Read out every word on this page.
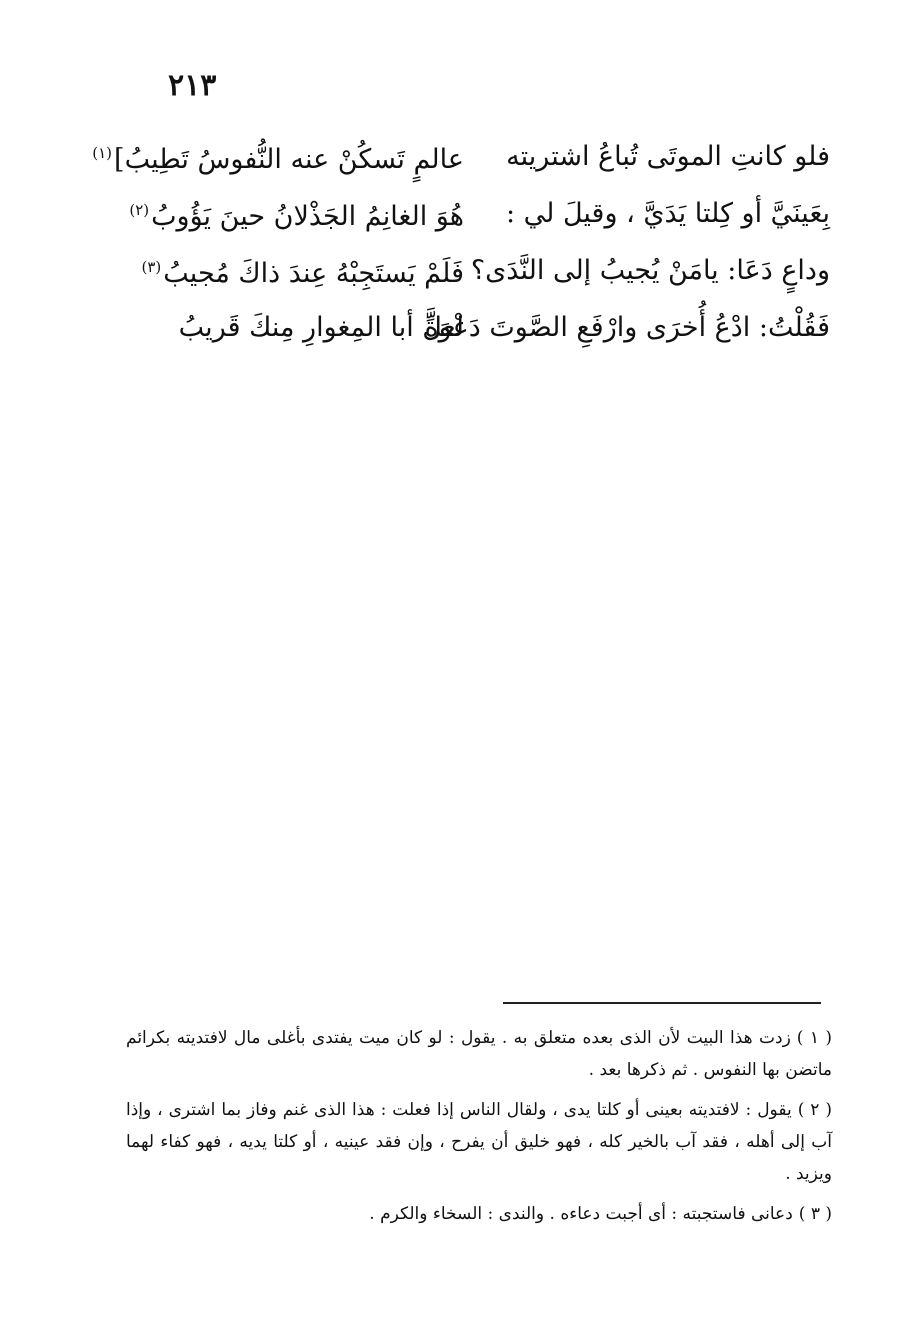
٢١٣
فلو كانتِ الموتَى تُباعُ اشتريته
عالمٍ تَسكُنْ عنه النُّفوسُ تَطِيبُ]$^{(١)}$
بِعَينَيَّ أو كِلتا يَدَيَّ ، وقيلَ لي :
هُوَ الغانِمُ الجَذْلانُ حينَ يَؤُوبُ$^{(٢)}$
وداعٍ دَعَا: يامَنْ يُجيبُ إلى النَّدَى؟
فَلَمْ يَستَجِبْهُ عِندَ ذاكَ مُجيبُ$^{(٣)}$
فَقُلْتُ: ادْعُ أُخرَى وارْفَعِ الصَّوتَ دَعْوَةً
لعلَّ أبا المِغوارِ مِنكَ قَريبُ
( ١ )زدت هذا البيت لأن الذى بعده متعلق به . يقول : لو كان ميت يفتدى بأغلى مال لافتديته بكرائم ماتضن بها النفوس . ثم ذكرها بعد .
( ٢ )يقول : لافتديته بعينى أو كلتا يدى ، ولقال الناس إذا فعلت : هذا الذى غنم وفاز بما اشترى ، وإذا آب إلى أهله ، فقد آب بالخير كله ، فهو خليق أن يفرح ، وإن فقد عينيه ، أو كلتا يديه ، فهو كفاء لهما ويزيد .
( ٣ )دعانى فاستجبته : أى أجبت دعاءه . والندى : السخاء والكرم .
